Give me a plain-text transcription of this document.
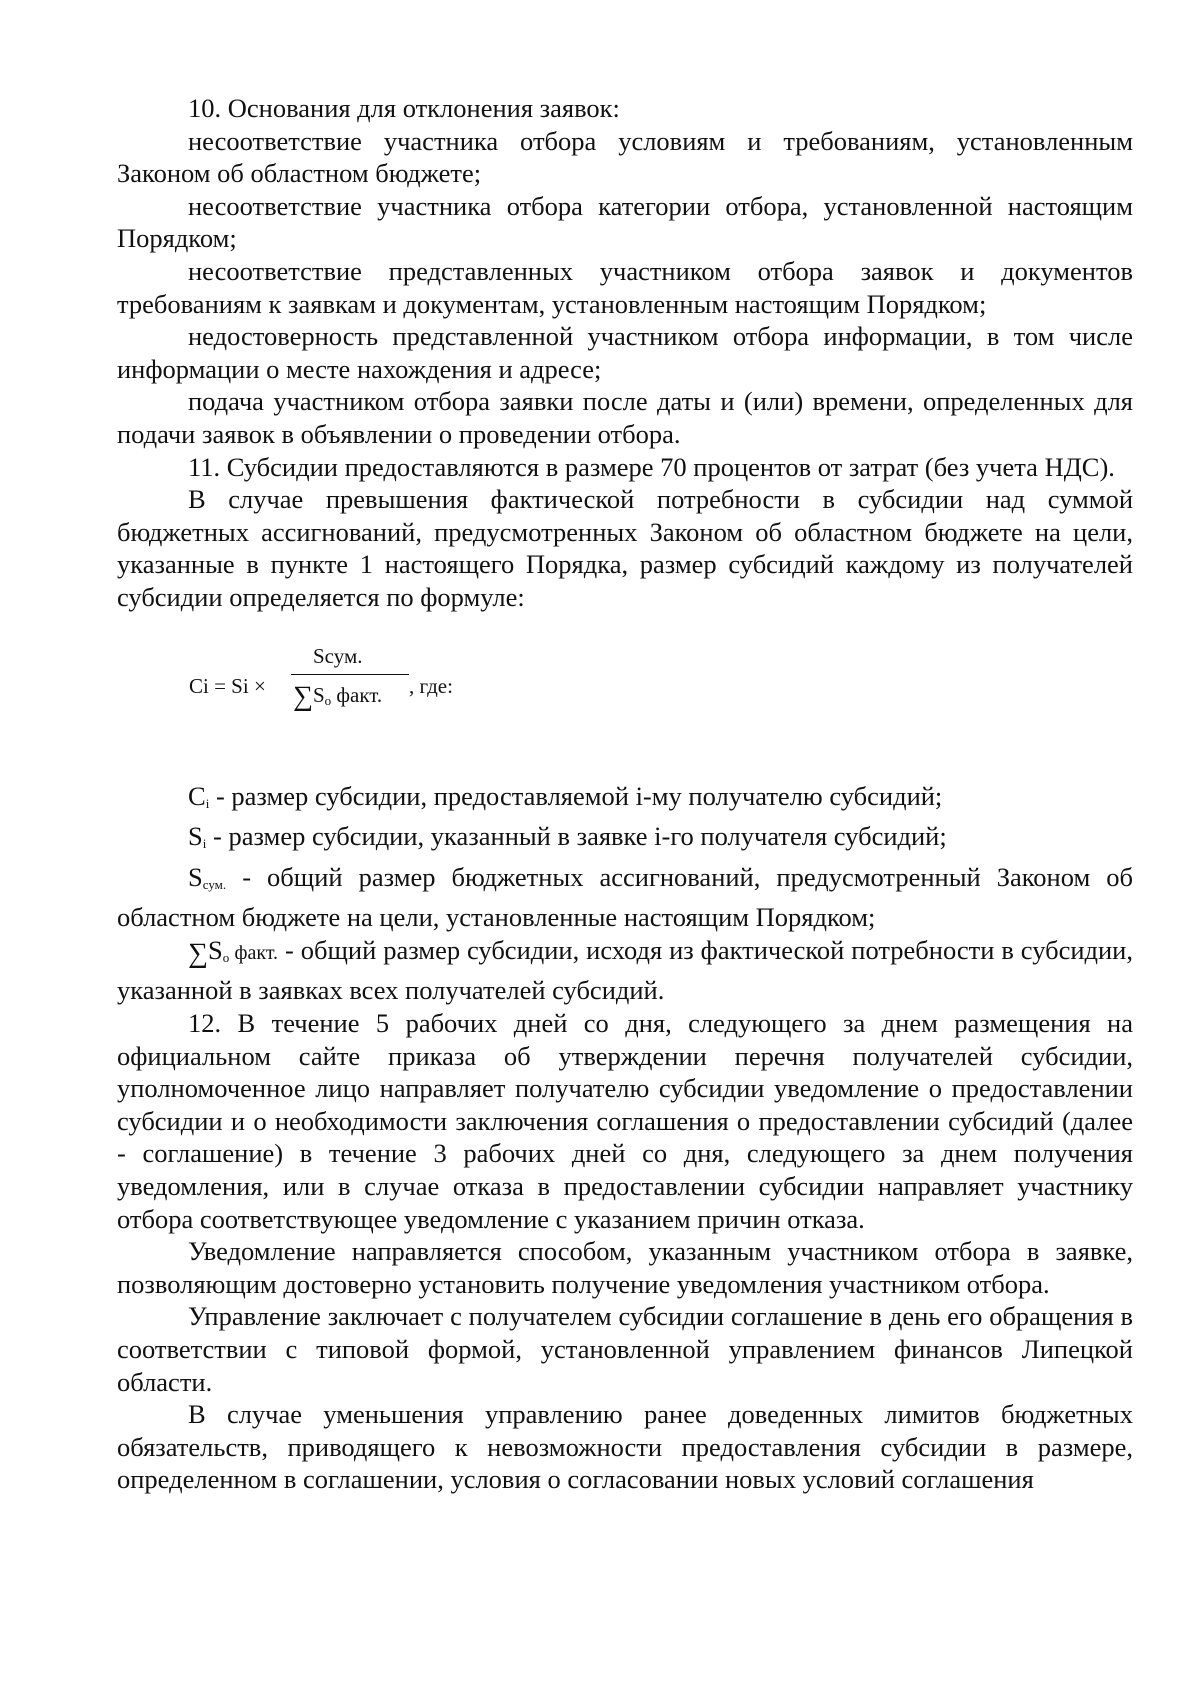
10. Основания для отклонения заявок:

несоответствие участника отбора условиям и требованиям, установленным Законом об областном бюджете;

несоответствие участника отбора категории отбора, установленной настоящим Порядком;

несоответствие представленных участником отбора заявок и документов требованиям к заявкам и документам, установленным настоящим Порядком;

недостоверность представленной участником отбора информации, в том числе информации о месте нахождения и адресе;

подача участником отбора заявки после даты и (или) времени, определенных для подачи заявок в объявлении о проведении отбора.

11. Субсидии предоставляются в размере 70 процентов от затрат (без учета НДС).

В случае превышения фактической потребности в субсидии над суммой бюджетных ассигнований, предусмотренных Законом об областном бюджете на цели, указанные в пункте 1 настоящего Порядка, размер субсидий каждому из получателей субсидии определяется по формуле:

Ci = Si ×
Sсум.
$\sum S_o$ факт. , где:

$C_i$ - размер субсидии, предоставляемой i-му получателю субсидий;

$S_i$ - размер субсидии, указанный в заявке i-го получателя субсидий;

$S_{сум.}$ - общий размер бюджетных ассигнований, предусмотренный Законом об областном бюджете на цели, установленные настоящим Порядком;

$\sum S_o$ факт. - общий размер субсидии, исходя из фактической потребности в субсидии, указанной в заявках всех получателей субсидий.

12. В течение 5 рабочих дней со дня, следующего за днем размещения на официальном сайте приказа об утверждении перечня получателей субсидии, уполномоченное лицо направляет получателю субсидии уведомление о предоставлении субсидии и о необходимости заключения соглашения о предоставлении субсидий (далее - соглашение) в течение 3 рабочих дней со дня, следующего за днем получения уведомления, или в случае отказа в предоставлении субсидии направляет участнику отбора соответствующее уведомление с указанием причин отказа.

Уведомление направляется способом, указанным участником отбора в заявке, позволяющим достоверно установить получение уведомления участником отбора.

Управление заключает с получателем субсидии соглашение в день его обращения в соответствии с типовой формой, установленной управлением финансов Липецкой области.

В случае уменьшения управлению ранее доведенных лимитов бюджетных обязательств, приводящего к невозможности предоставления субсидии в размере, определенном в соглашении, условия о согласовании новых условий соглашения
